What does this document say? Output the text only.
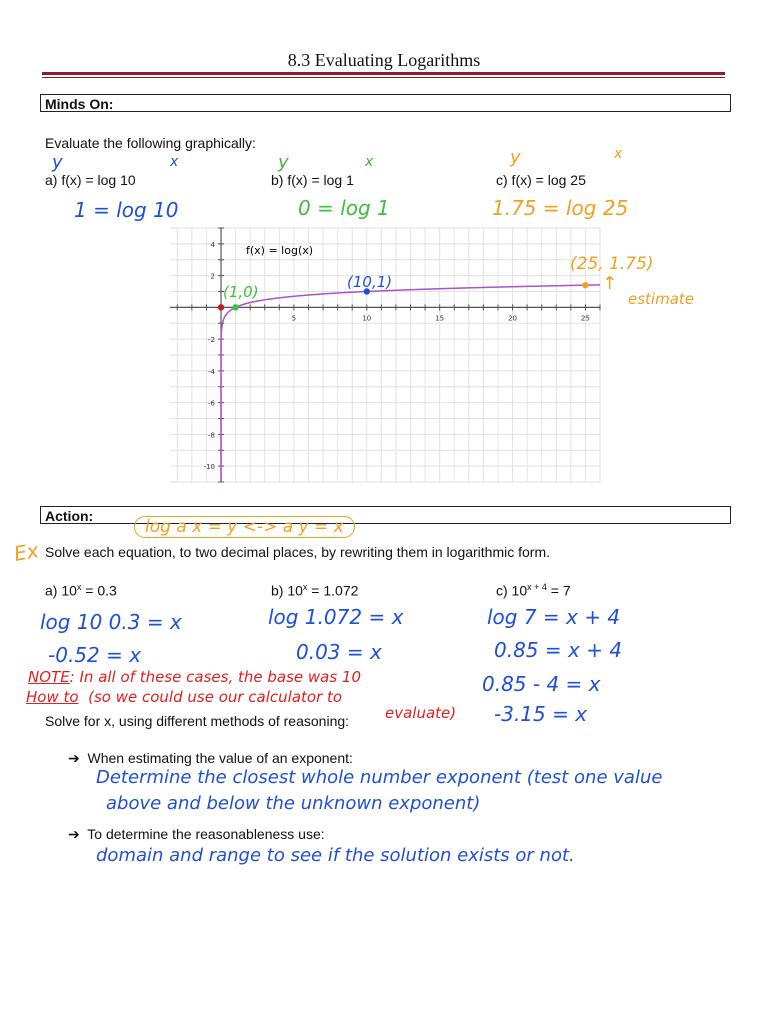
8.3 Evaluating Logarithms
Minds On:
Evaluate the following graphically:
y	x
a) f(x) = log 10
1 = log 10
y	x
b) f(x) = log 1
0 = log 1
y	x
c) f(x) = log 25
1.75 = log 25
5	10	15	20	25
4
2
-2
-4
-6
-8
-10
f(x) = log(x)
(1,0)
(10,1)
(25, 1.75)
↑
estimate
Action:
log a x = y <-> a y = x
Ex Solve each equation, to two decimal places, by rewriting them in logarithmic form.
a) $10^x = 0.3$	b) $10^x = 1.072$	c) $10^{x + 4} = 7$
log 10 0.3 = x
-0.52 = x
log 1.072 = x
0.03 = x
log 7 = x + 4
0.85 = x + 4
0.85 - 4 = x
-3.15 = x
NOTE: In all of these cases, the base was 10
How to (so we could use our calculator to
evaluate)
Solve for x, using different methods of reasoning:
➔ When estimating the value of an exponent:
Determine the closest whole number exponent (test one value
above and below the unknown exponent)
➔ To determine the reasonableness use:
domain and range to see if the solution exists or not.
